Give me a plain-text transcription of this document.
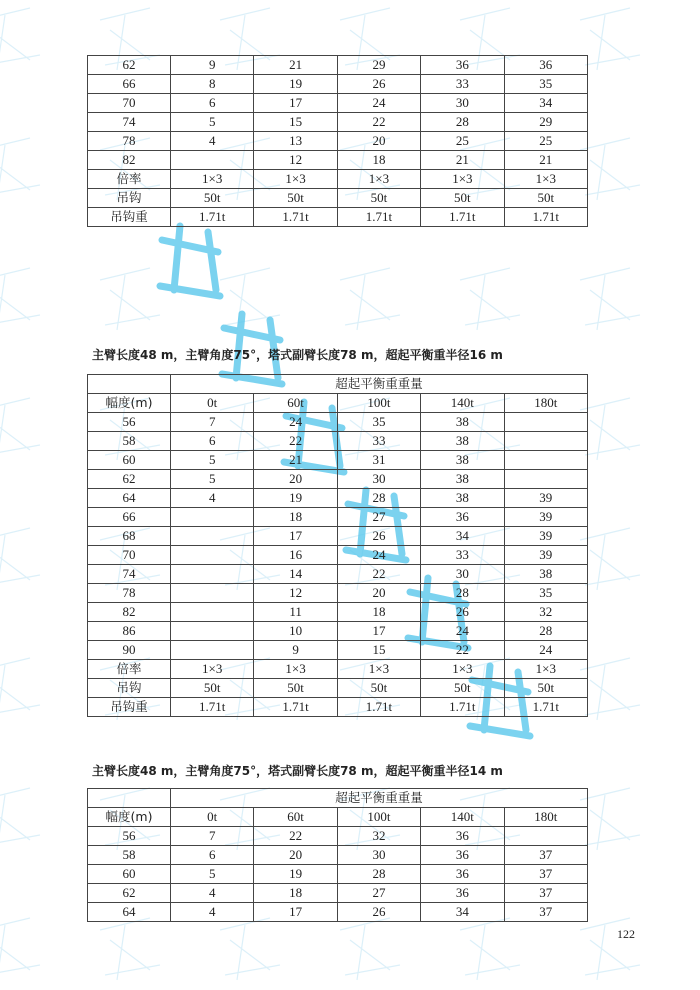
62	9	21	29	36	36
66	8	19	26	33	35
70	6	17	24	30	34
74	5	15	22	28	29
78	4	13	20	25	25
82		12	18	21	21
倍率	1×3	1×3	1×3	1×3	1×3
吊钩	50t	50t	50t	50t	50t
吊钩重	1.71t	1.71t	1.71t	1.71t	1.71t
主臂长度48 m，主臂角度75°，塔式副臂长度78 m，超起平衡重半径16 m
	超起平衡重重量				
幅度(m)	0t	60t	100t	140t	180t
56	7	24	35	38	
58	6	22	33	38	
60	5	21	31	38	
62	5	20	30	38	
64	4	19	28	38	39
66		18	27	36	39
68		17	26	34	39
70		16	24	33	39
74		14	22	30	38
78		12	20	28	35
82		11	18	26	32
86		10	17	24	28
90		9	15	22	24
倍率	1×3	1×3	1×3	1×3	1×3
吊钩	50t	50t	50t	50t	50t
吊钩重	1.71t	1.71t	1.71t	1.71t	1.71t
主臂长度48 m，主臂角度75°，塔式副臂长度78 m，超起平衡重半径14 m
	超起平衡重重量				
幅度(m)	0t	60t	100t	140t	180t
56	7	22	32	36	
58	6	20	30	36	37
60	5	19	28	36	37
62	4	18	27	36	37
64	4	17	26	34	37
122
